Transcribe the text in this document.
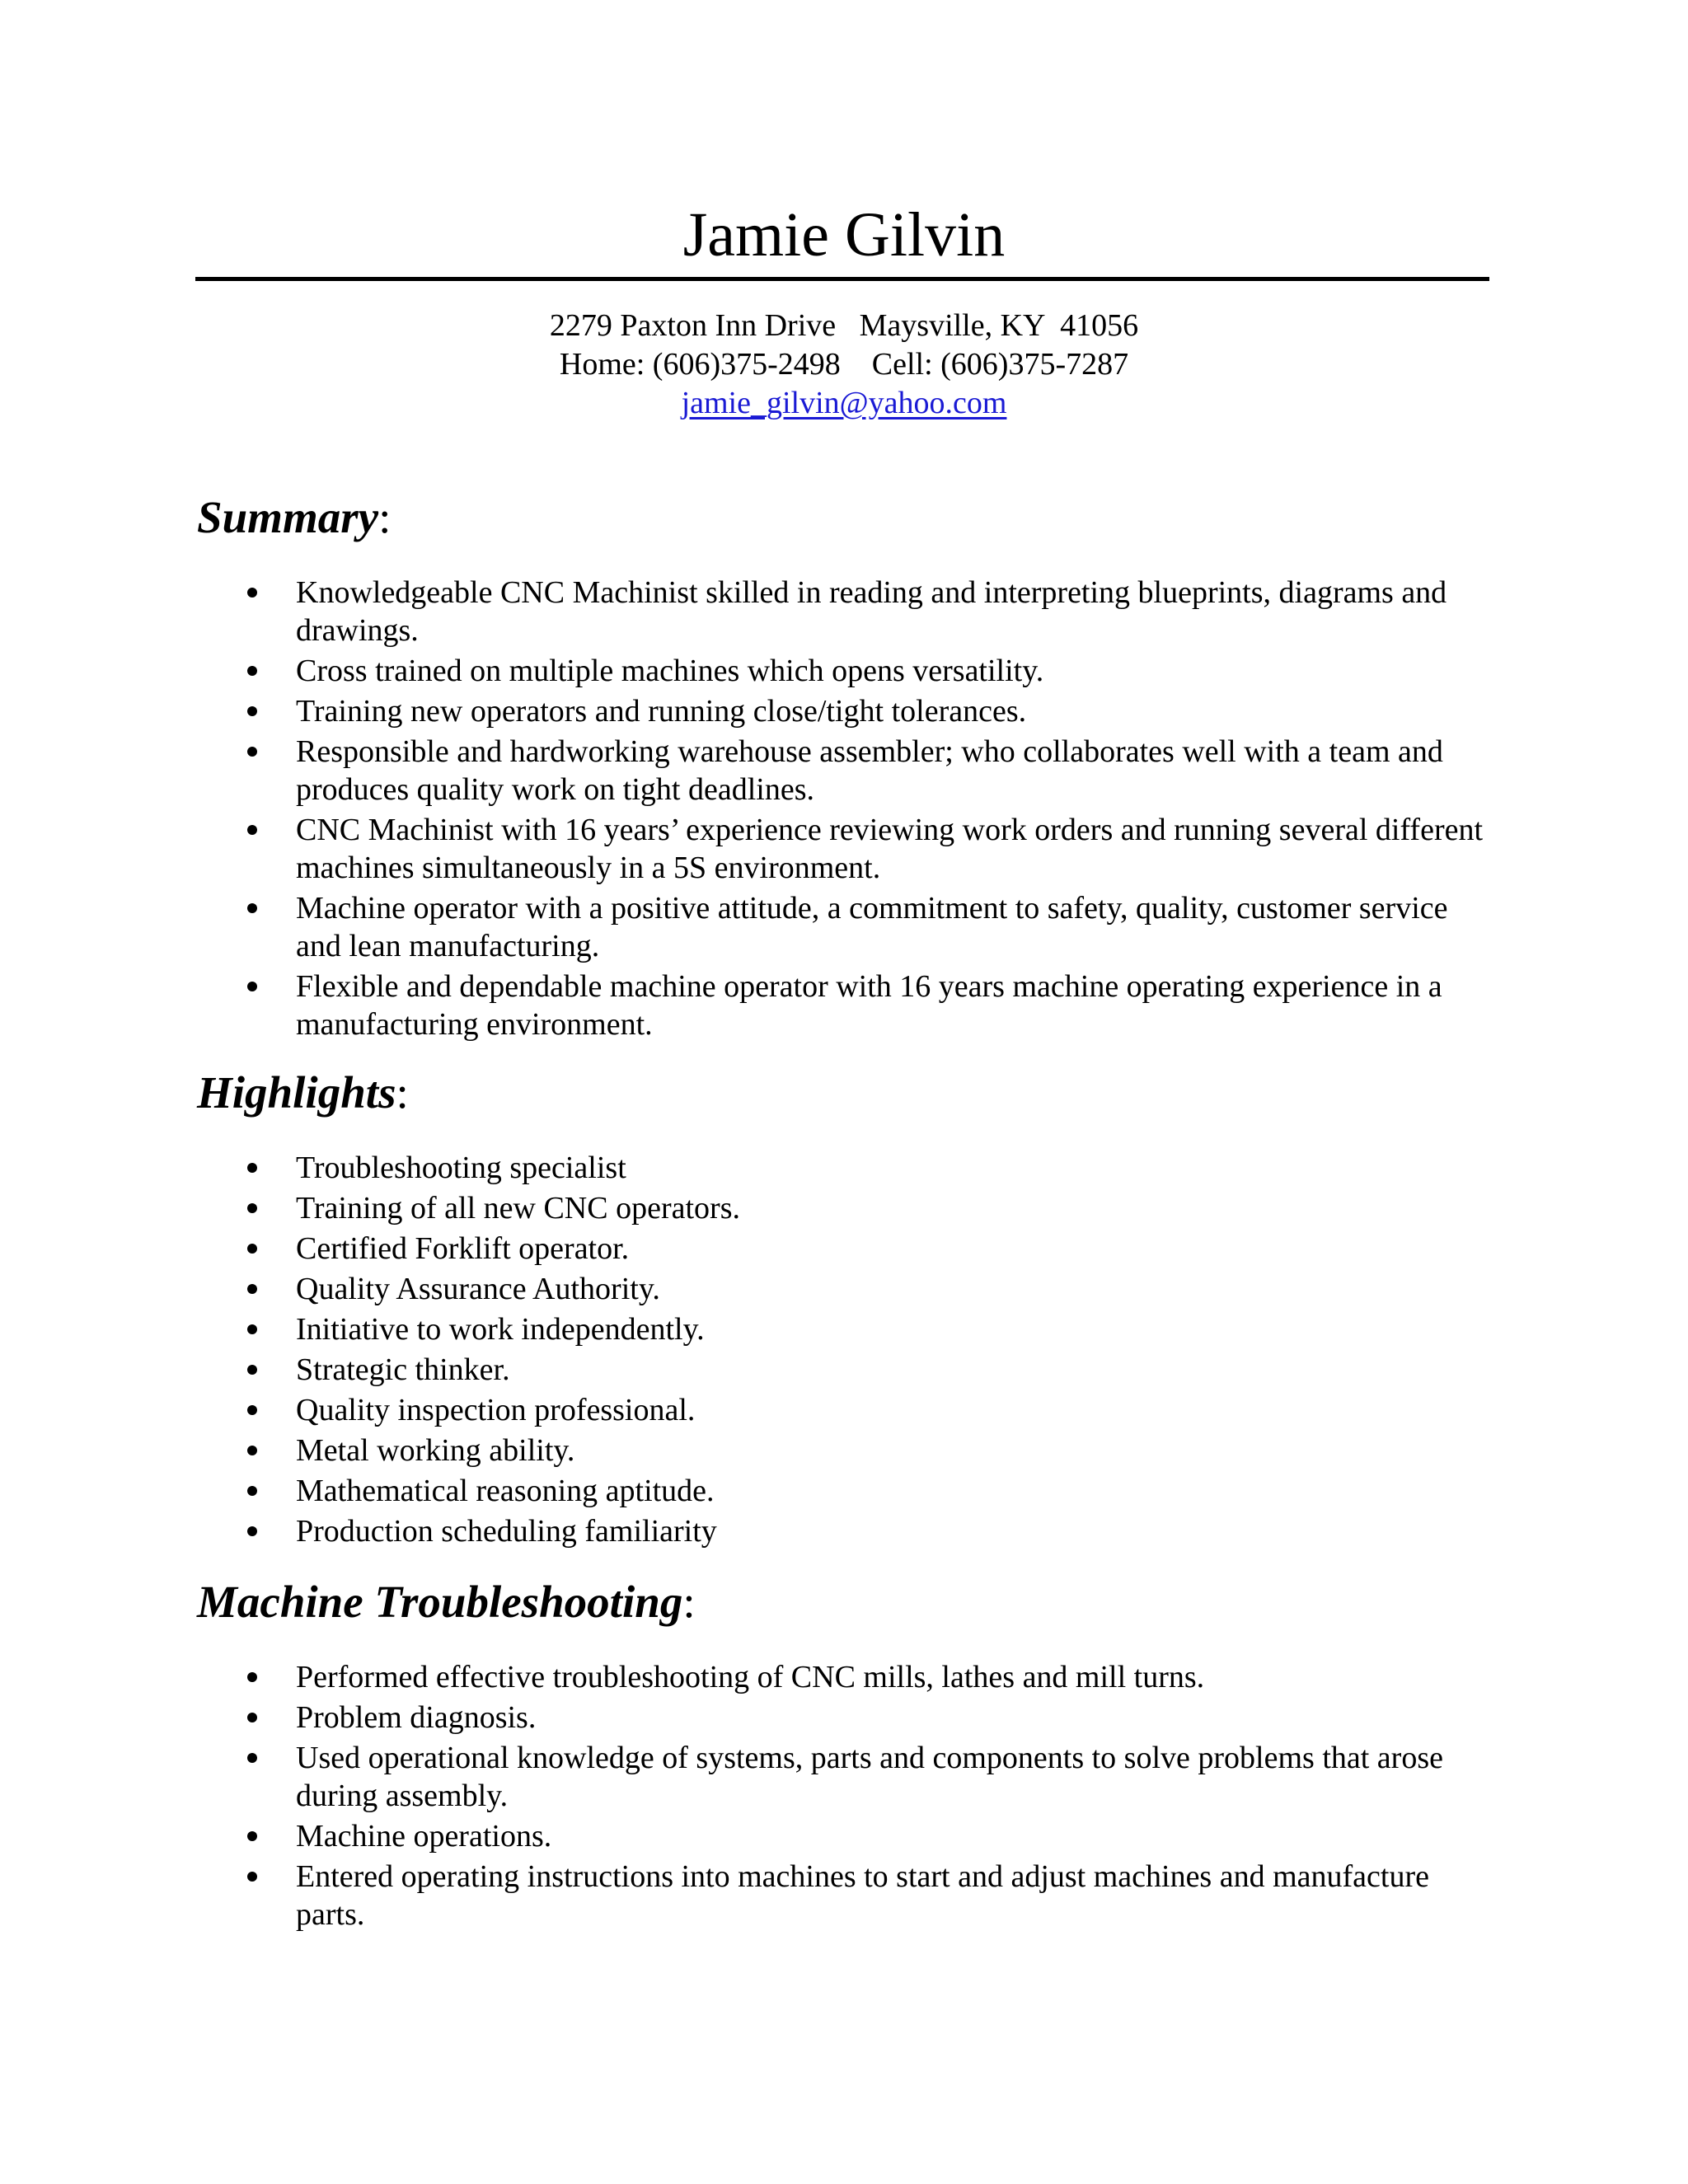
Jamie Gilvin
2279 Paxton Inn Drive   Maysville, KY  41056
Home: (606)375-2498    Cell: (606)375-7287
jamie_gilvin@yahoo.com
Summary:
Knowledgeable CNC Machinist skilled in reading and interpreting blueprints, diagrams and drawings.
Cross trained on multiple machines which opens versatility.
Training new operators and running close/tight tolerances.
Responsible and hardworking warehouse assembler; who collaborates well with a team and produces quality work on tight deadlines.
CNC Machinist with 16 years’ experience reviewing work orders and running several different machines simultaneously in a 5S environment.
Machine operator with a positive attitude, a commitment to safety, quality, customer service and lean manufacturing.
Flexible and dependable machine operator with 16 years machine operating experience in a manufacturing environment.
Highlights:
Troubleshooting specialist
Training of all new CNC operators.
Certified Forklift operator.
Quality Assurance Authority.
Initiative to work independently.
Strategic thinker.
Quality inspection professional.
Metal working ability.
Mathematical reasoning aptitude.
Production scheduling familiarity
Machine Troubleshooting:
Performed effective troubleshooting of CNC mills, lathes and mill turns.
Problem diagnosis.
Used operational knowledge of systems, parts and components to solve problems that arose during assembly.
Machine operations.
Entered operating instructions into machines to start and adjust machines and manufacture parts.
